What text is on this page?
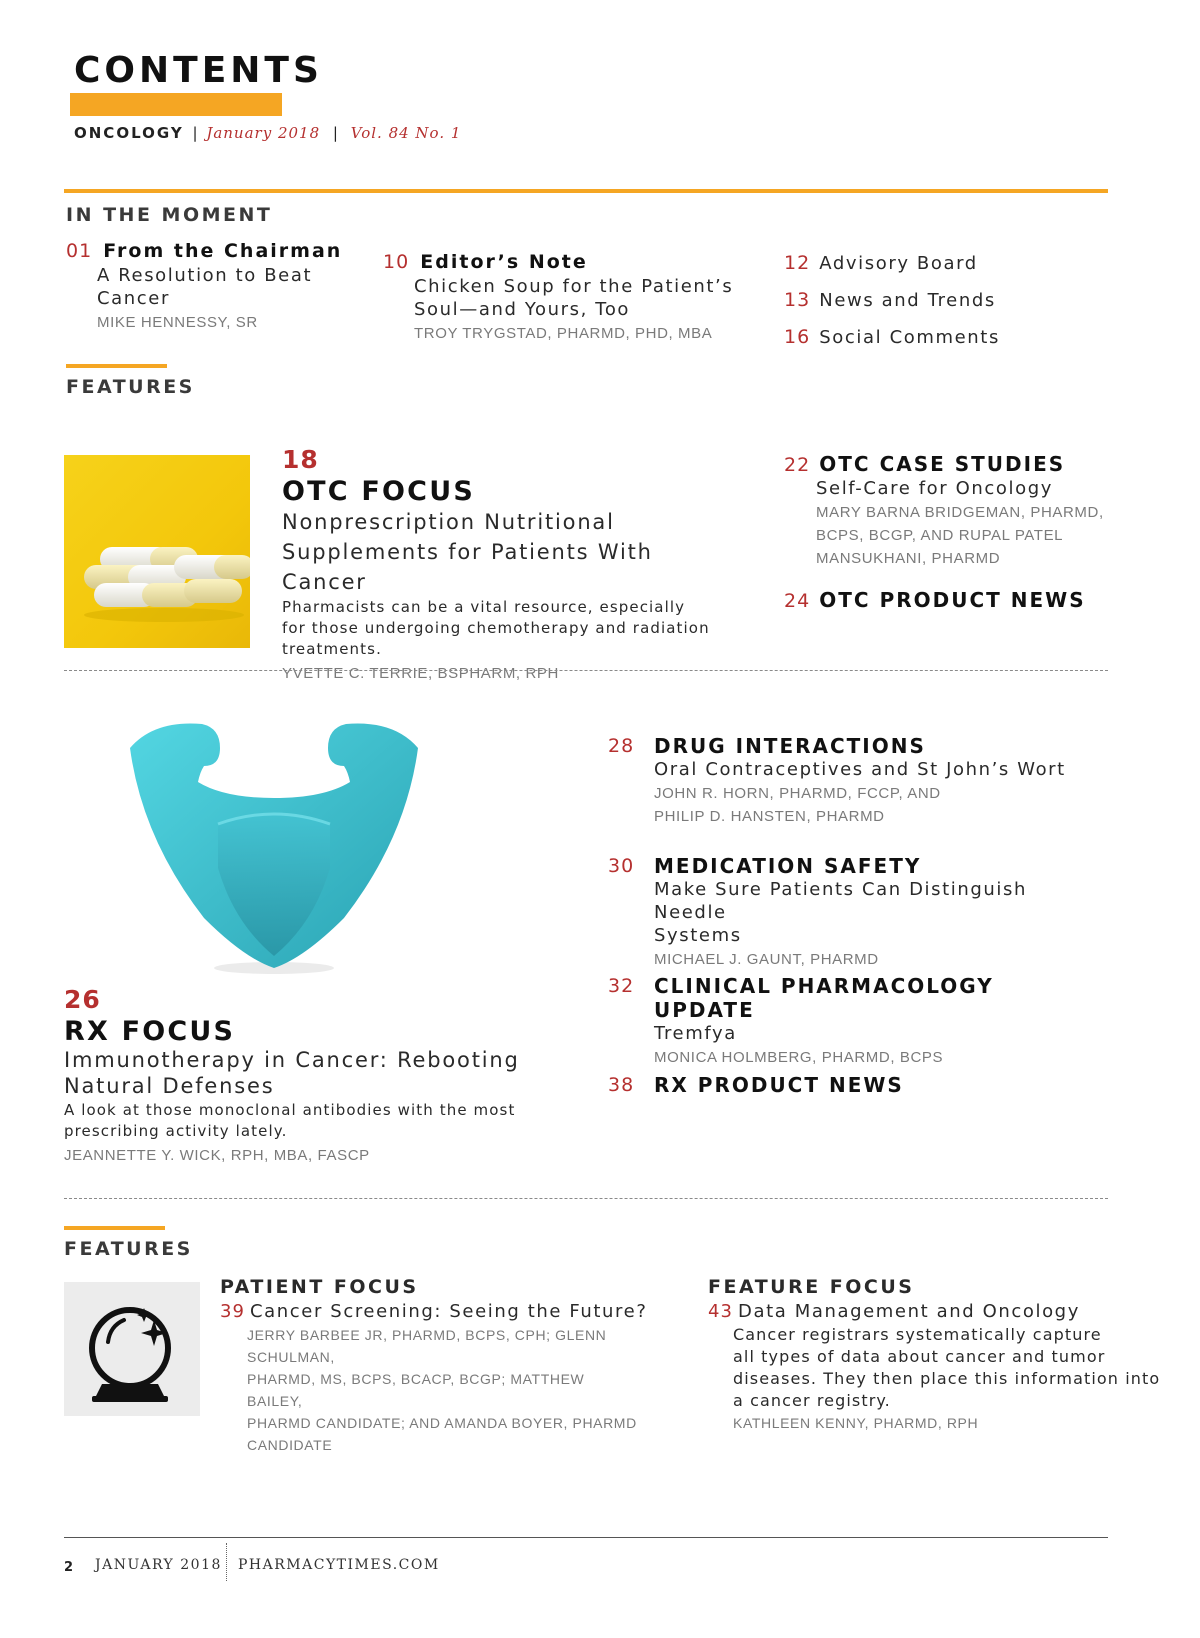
CONTENTS
ONCOLOGY | January 2018 | Vol. 84 No. 1
IN THE MOMENT
01 From the Chairman
A Resolution to Beat
Cancer
MIKE HENNESSY, SR
10 Editor’s Note
Chicken Soup for the Patient’s
Soul—and Yours, Too
TROY TRYGSTAD, PHARMD, PHD, MBA
12 Advisory Board
13 News and Trends
16 Social Comments
FEATURES
18
OTC FOCUS
Nonprescription Nutritional
Supplements for Patients With Cancer
Pharmacists can be a vital resource, especially
for those undergoing chemotherapy and radiation
treatments.
YVETTE C. TERRIE, BSPHARM, RPH
22 OTC CASE STUDIES
Self-Care for Oncology
MARY BARNA BRIDGEMAN, PHARMD,
BCPS, BCGP, AND RUPAL PATEL
MANSUKHANI, PHARMD
24 OTC PRODUCT NEWS
26
RX FOCUS
Immunotherapy in Cancer: Rebooting
Natural Defenses
A look at those monoclonal antibodies with the most
prescribing activity lately.
JEANNETTE Y. WICK, RPH, MBA, FASCP
28 DRUG INTERACTIONS
Oral Contraceptives and St John’s Wort
JOHN R. HORN, PHARMD, FCCP, AND
PHILIP D. HANSTEN, PHARMD
30 MEDICATION SAFETY
Make Sure Patients Can Distinguish Needle
Systems
MICHAEL J. GAUNT, PHARMD
32 CLINICAL PHARMACOLOGY UPDATE
Tremfya
MONICA HOLMBERG, PHARMD, BCPS
38 RX PRODUCT NEWS
FEATURES
PATIENT FOCUS
39 Cancer Screening: Seeing the Future?
JERRY BARBEE JR, PHARMD, BCPS, CPH; GLENN SCHULMAN,
PHARMD, MS, BCPS, BCACP, BCGP; MATTHEW BAILEY,
PHARMD CANDIDATE; AND AMANDA BOYER, PHARMD
CANDIDATE
FEATURE FOCUS
43 Data Management and Oncology
Cancer registrars systematically capture
all types of data about cancer and tumor
diseases. They then place this information into
a cancer registry.
KATHLEEN KENNY, PHARMD, RPH
2 JANUARY 2018 PHARMACYTIMES.COM
